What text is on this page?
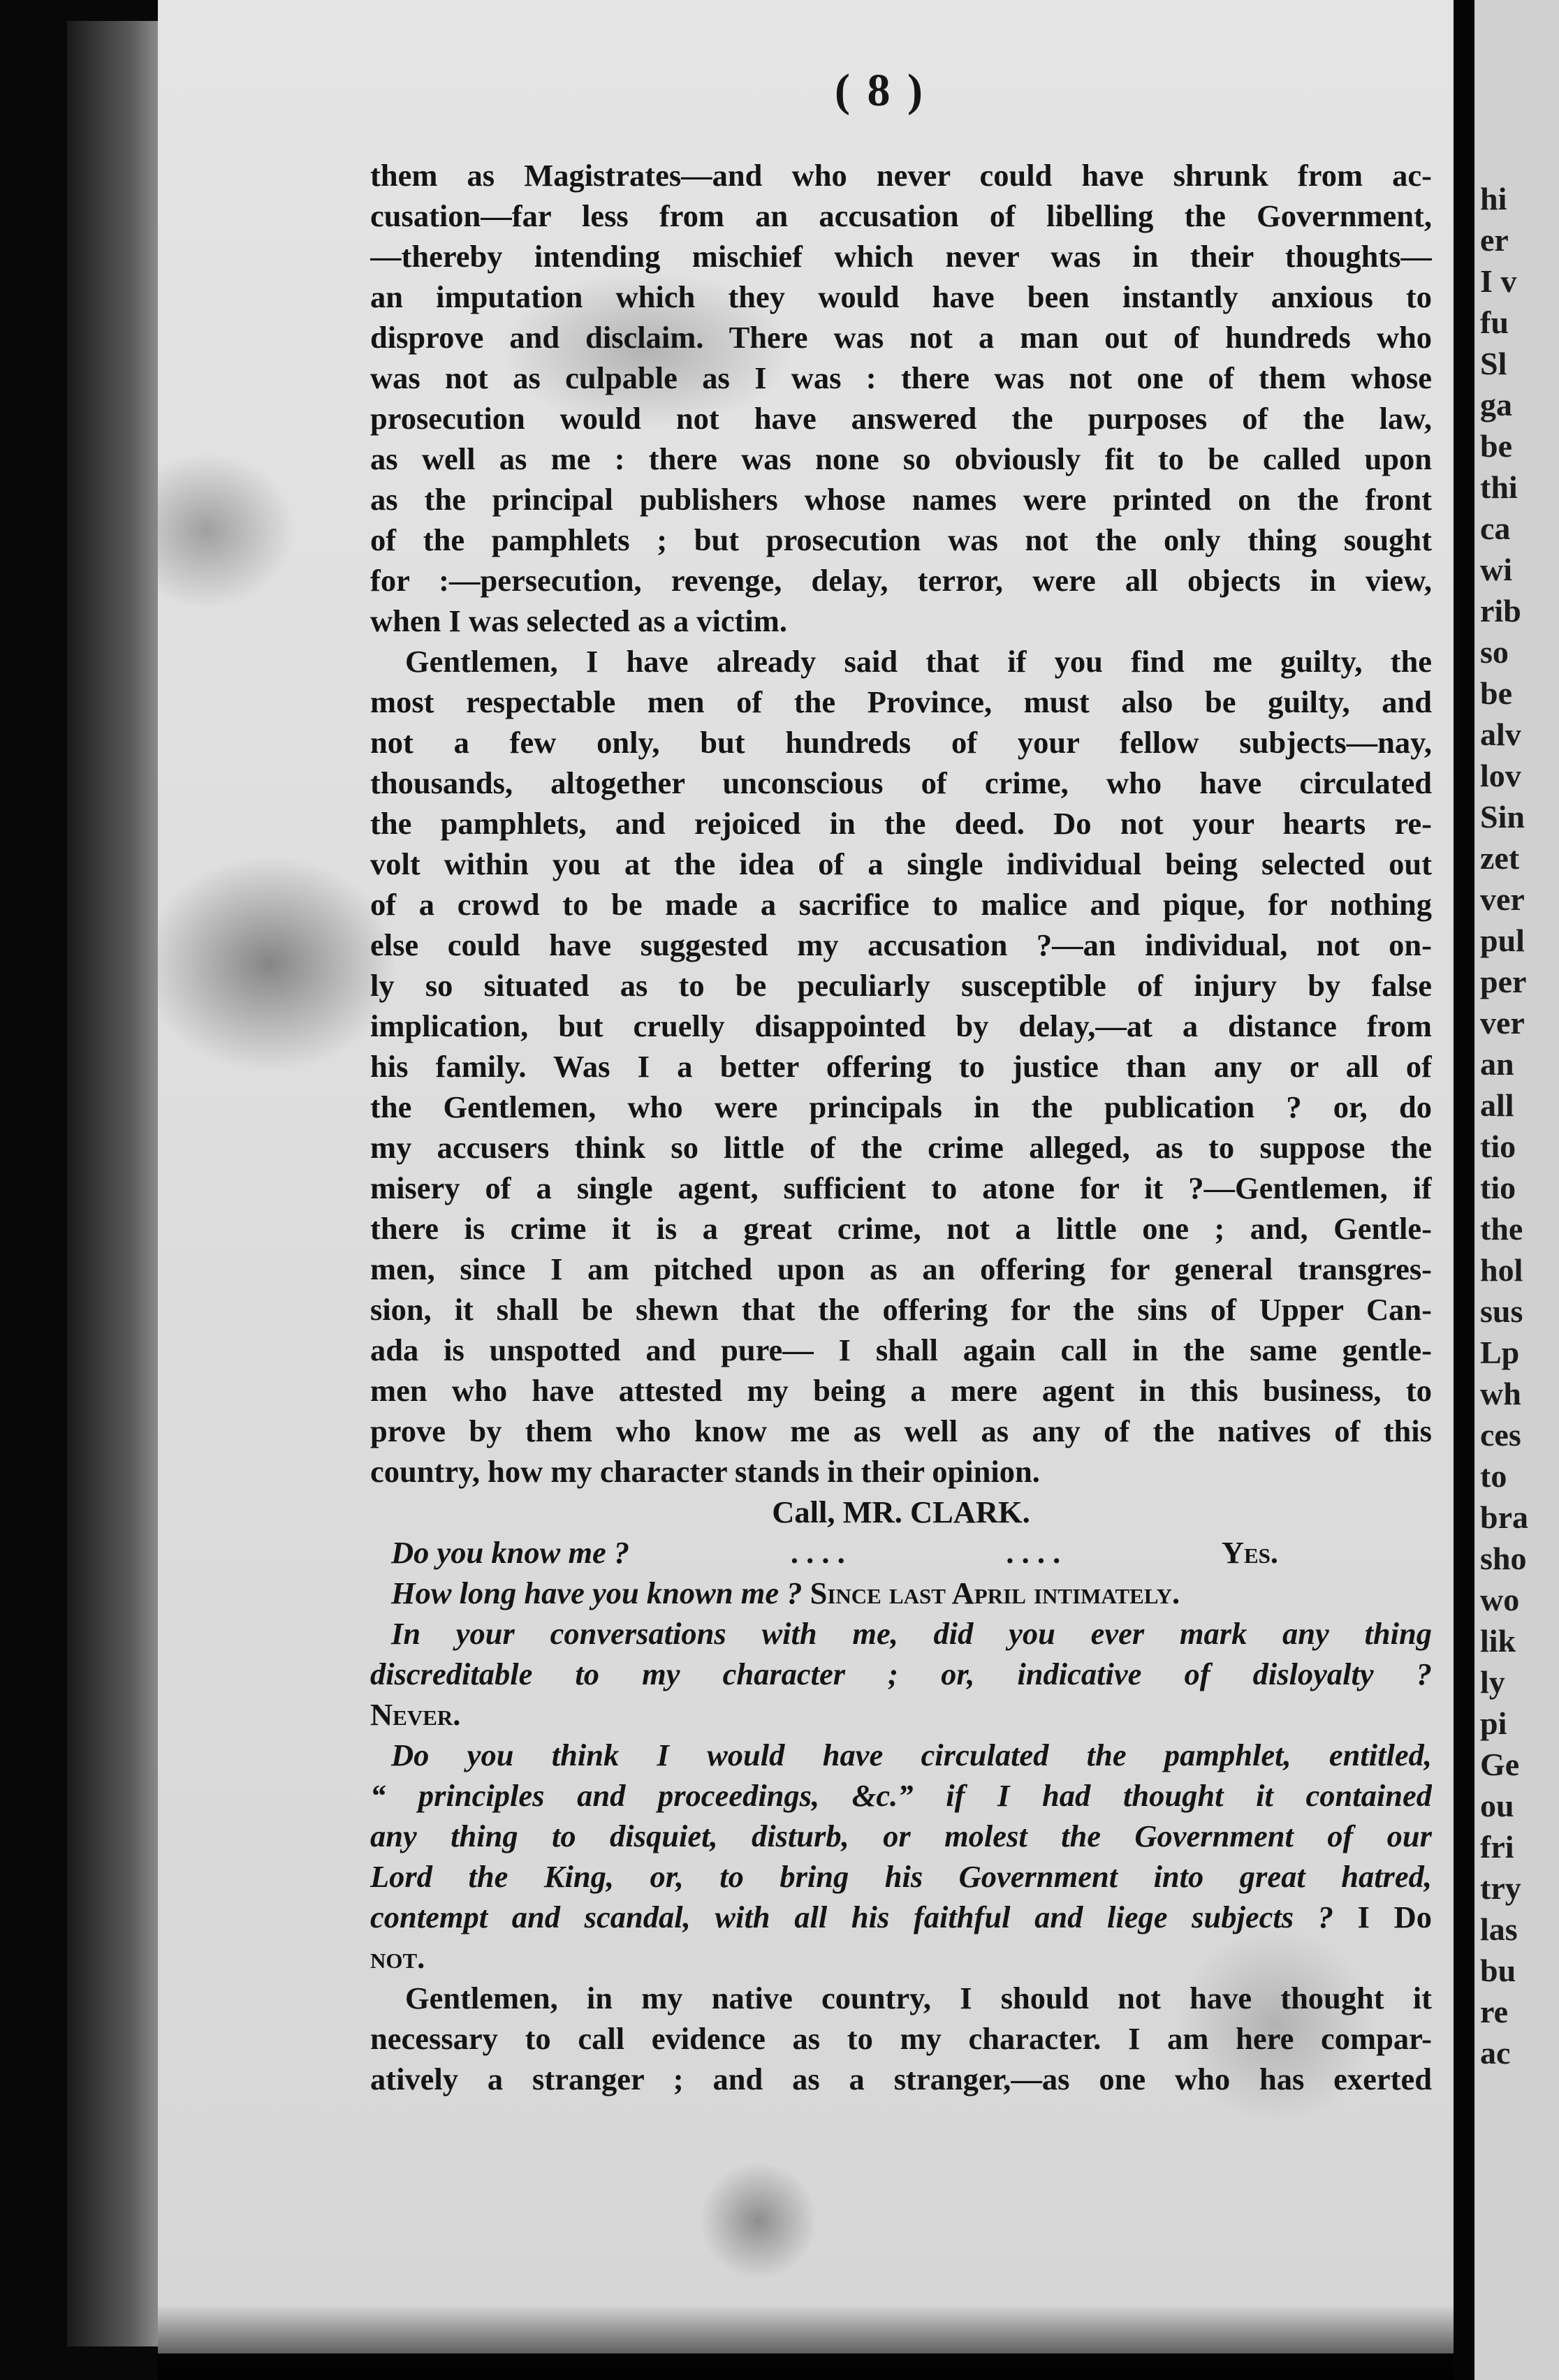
hi
er
I v
fu
Sl
ga
be
thi
ca
wi
rib
so
be
alv
lov
Sin
zet
ver
pul
per
ver
an
all
tio
tio
the
hol
sus
Lp
wh
ces
to
bra
sho
wo
lik
ly
pi
Ge
ou
fri
try
las
bu
re
ac
( 8 )
them as Magistrates—and who never could have shrunk from ac-
cusation—far less from an accusation of libelling the Government,
—thereby intending mischief which never was in their thoughts—
an imputation which they would have been instantly anxious to
disprove and disclaim. There was not a man out of hundreds who
was not as culpable as I was : there was not one of them whose
prosecution would not have answered the purposes of the law,
as well as me : there was none so obviously fit to be called upon
as the principal publishers whose names were printed on the front
of the pamphlets ; but prosecution was not the only thing sought
for :—persecution, revenge, delay, terror, were all objects in view,
when I was selected as a victim.
Gentlemen, I have already said that if you find me guilty, the
most respectable men of the Province, must also be guilty, and
not a few only, but hundreds of your fellow subjects—nay,
thousands, altogether unconscious of crime, who have circulated
the pamphlets, and rejoiced in the deed. Do not your hearts re-
volt within you at the idea of a single individual being selected out
of a crowd to be made a sacrifice to malice and pique, for nothing
else could have suggested my accusation ?—an individual, not on-
ly so situated as to be peculiarly susceptible of injury by false
implication, but cruelly disappointed by delay,—at a distance from
his family. Was I a better offering to justice than any or all of
the Gentlemen, who were principals in the publication ? or, do
my accusers think so little of the crime alleged, as to suppose the
misery of a single agent, sufficient to atone for it ?—Gentlemen, if
there is crime it is a great crime, not a little one ; and, Gentle-
men, since I am pitched upon as an offering for general transgres-
sion, it shall be shewn that the offering for the sins of Upper Can-
ada is unspotted and pure— I shall again call in the same gentle-
men who have attested my being a mere agent in this business, to
prove by them who know me as well as any of the natives of this
country, how my character stands in their opinion.
Call, MR. CLARK.
Do you know me ?	. . . .	. . . .	Yes.
How long have you known me ? Since last April intimately.
In your conversations with me, did you ever mark any thing
discreditable to my character ; or, indicative of disloyalty ?
Never.
Do you think I would have circulated the pamphlet, entitled,
“ principles and proceedings, &c.” if I had thought it contained
any thing to disquiet, disturb, or molest the Government of our
Lord the King, or, to bring his Government into great hatred,
contempt and scandal, with all his faithful and liege subjects ? I Do
not.
Gentlemen, in my native country, I should not have thought it
necessary to call evidence as to my character. I am here compar-
atively a stranger ; and as a stranger,—as one who has exerted
